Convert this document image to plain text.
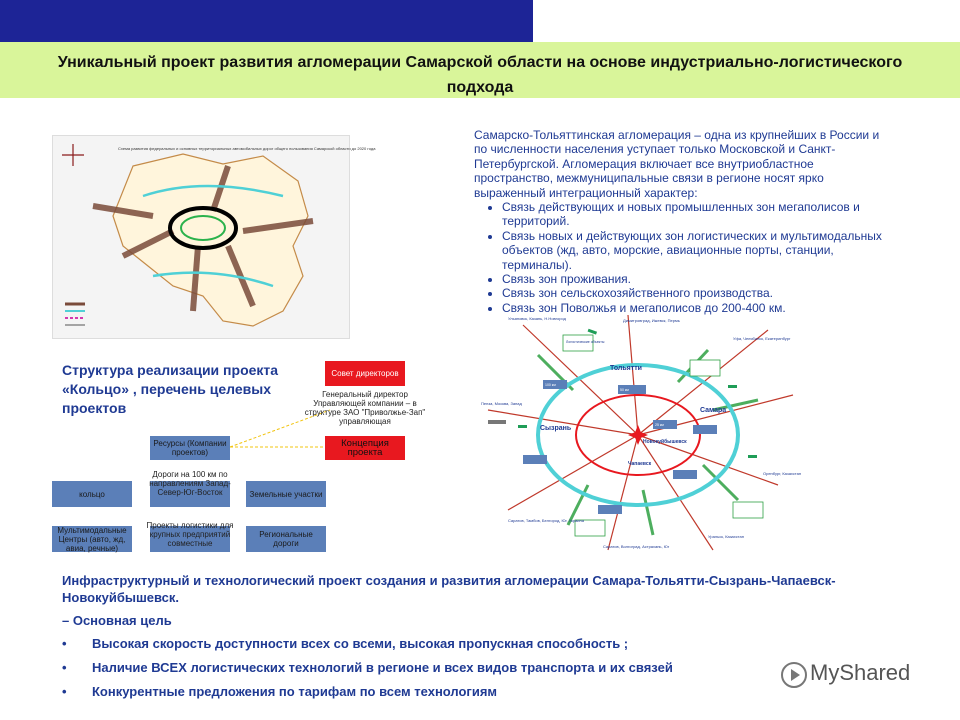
Уникальный проект развития агломерации Самарской области на основе индустриально-логистического подхода
Схема развития федеральных и основных территориальных автомобильных дорог общего пользования Самарской области до 2020 года
Самарско-Тольяттинская агломерация – одна из крупнейших в России и по численности населения уступает только Московской и Санкт-Петербургской. Агломерация включает все внутриобластное пространство, межмуниципальные связи в регионе носят ярко выраженный интеграционный характер:
• Связь действующих и новых промышленных зон мегаполисов и территорий.
• Связь новых и действующих зон логистических и мультимодальных объектов (жд, авто, морские, авиационные порты, станции, терминалы).
• Связь зон проживания.
• Связь зон сельскохозяйственного производства.
• Связь зон Поволжья и мегаполисов до 200-400 км.
Структура реализации проекта «Кольцо» , перечень целевых проектов
Совет директоров
Генеральный директор Управляющей компании – в структуре ЗАО "Приволжье-Зап" управляющая
Концепция проекта
Ресурсы (Компании проектов)
кольцо
Дороги на 100 км по направлениям Запад-Север-Юг-Восток	Земельные участки
Мультимодальные Центры (авто, жд, авиа, речные)
Проекты логистики для крупных предприятий совместные
Региональные дороги
Тольятти
Самара
Сызрань
Чапаевск
Новокуйбышевск
Ульяновск, Казань, Н.Новгород	Димитровград, Ижевск, Пермь
Уфа, Челябинск, Екатеринбург
Пенза, Москва, Запад
Оренбург, Казахстан
Саратов, Тамбов, Белгород, Юг, Украина
Саратов, Волгоград, Астрахань, Юг
Уральск, Казахстан
Логистические объекты
100 км
50 км
25 км
Инфраструктурный и технологический проект создания и развития агломерации Самара-Тольятти-Сызрань-Чапаевск-Новокуйбышевск.
– Основная цель
• Высокая скорость доступности всех со всеми, высокая пропускная способность ;
• Наличие ВСЕХ логистических технологий в регионе и всех видов транспорта и их связей
• Конкурентные предложения по тарифам по всем технологиям
MyShared
